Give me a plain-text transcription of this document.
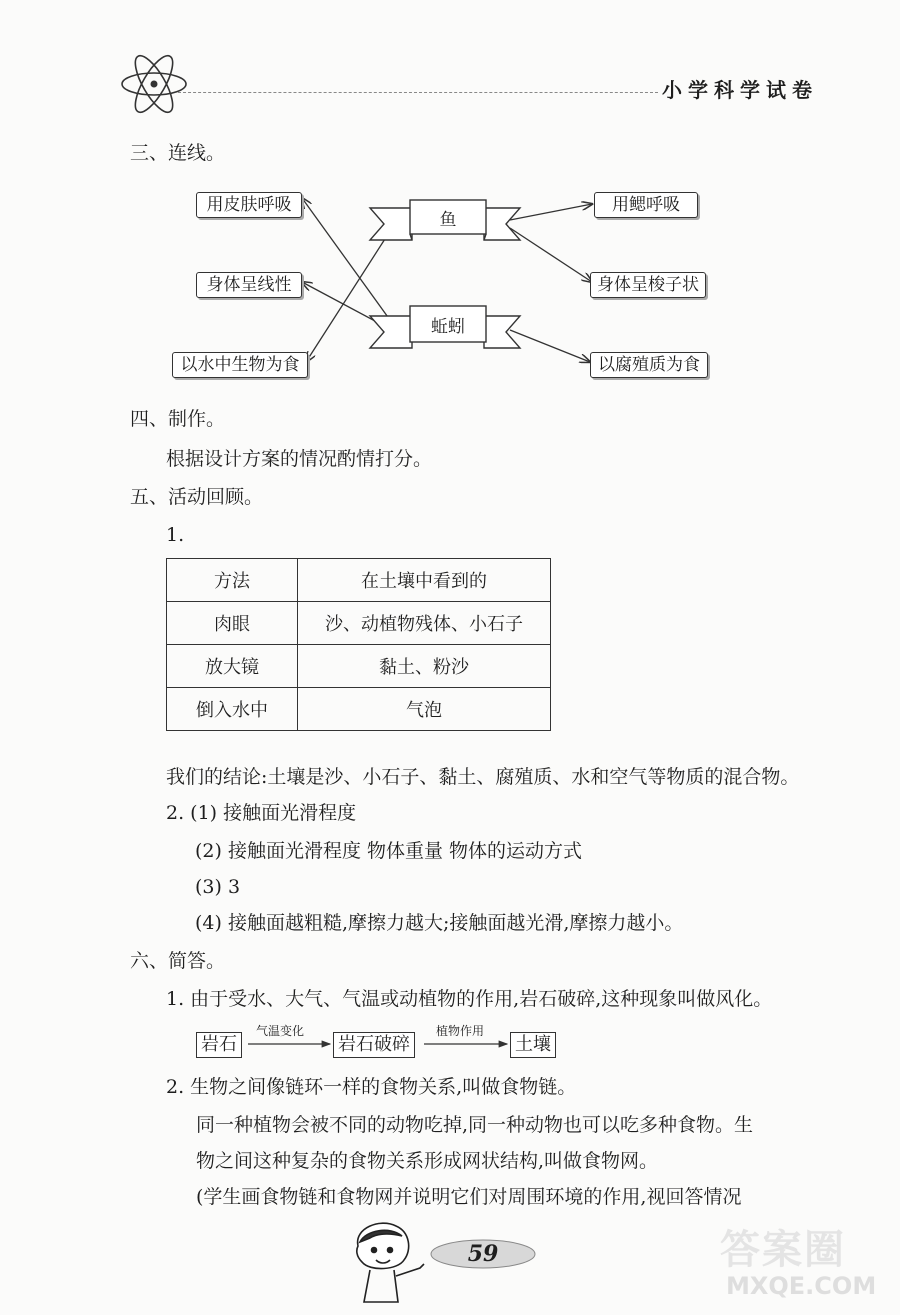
小学科学试卷
三、连线。
用皮肤呼吸
身体呈线性
以水中生物为食
鱼
蚯蚓
用鳃呼吸
身体呈梭子状
以腐殖质为食
四、制作。
根据设计方案的情况酌情打分。
五、活动回顾。
1.
方法	在土壤中看到的
肉眼	沙、动植物残体、小石子
放大镜	黏土、粉沙
倒入水中	气泡
我们的结论:土壤是沙、小石子、黏土、腐殖质、水和空气等物质的混合物。
2. (1) 接触面光滑程度
(2) 接触面光滑程度 物体重量 物体的运动方式
(3) 3
(4) 接触面越粗糙,摩擦力越大;接触面越光滑,摩擦力越小。
六、简答。
1. 由于受水、大气、气温或动植物的作用,岩石破碎,这种现象叫做风化。
岩石
气温变化
岩石破碎
植物作用
土壤
2. 生物之间像链环一样的食物关系,叫做食物链。
同一种植物会被不同的动物吃掉,同一种动物也可以吃多种食物。生
物之间这种复杂的食物关系形成网状结构,叫做食物网。
(学生画食物链和食物网并说明它们对周围环境的作用,视回答情况
59	答案圈
MXQE.COM
